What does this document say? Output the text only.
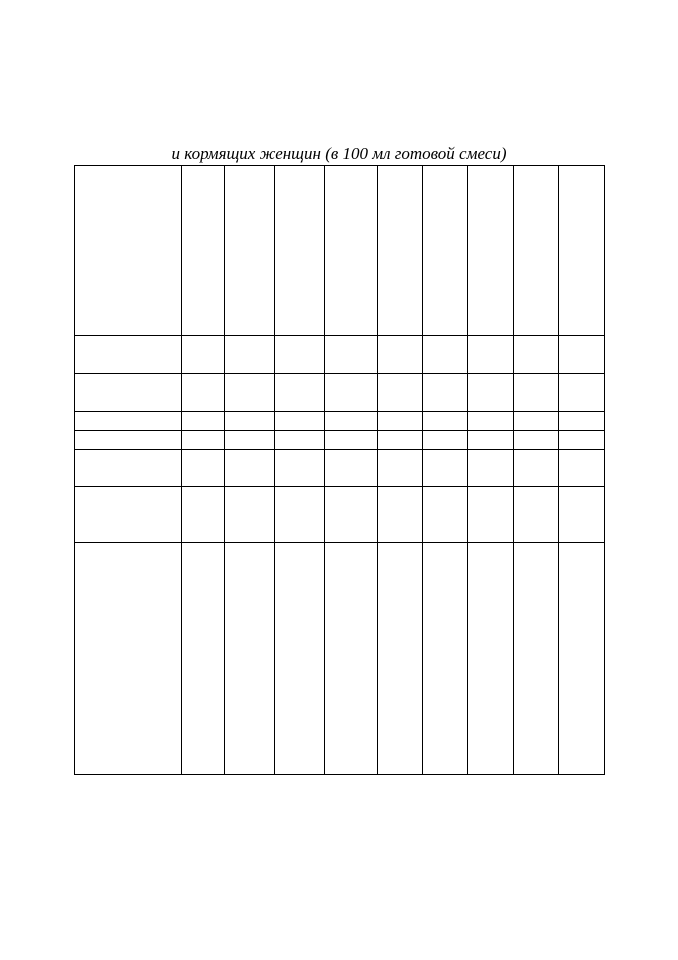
и кормящих женщин (в 100 мл готовой смеси)
